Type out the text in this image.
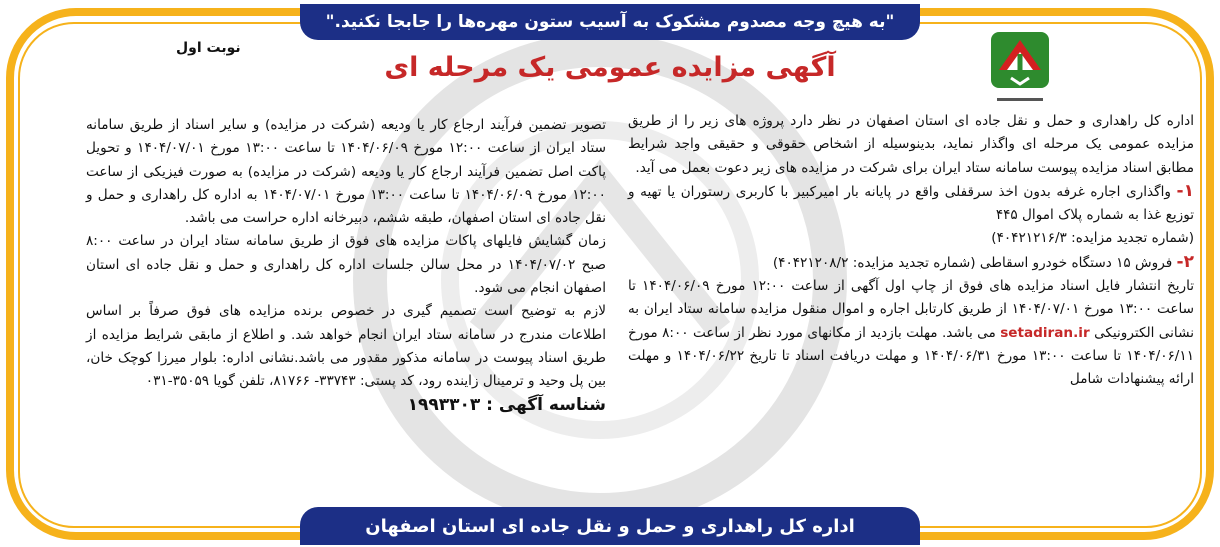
"به هیچ وجه مصدوم مشکوک به آسیب ستون مهره‌ها را جابجا نکنید."
نوبت اول
آگهی مزایده عمومی یک مرحله ای

اداره کل راهداری و حمل و نقل جاده ای استان اصفهان در نظر دارد پروژه های زیر را از طریق مزایده عمومی یک مرحله ای واگذار نماید، بدینوسیله از اشخاص حقوقی و حقیقی واجد شرایط مطابق اسناد مزایده پیوست سامانه ستاد ایران برای شرکت در مزایده های زیر دعوت بعمل می آید.

۱- واگذاری اجاره غرفه بدون اخذ سرقفلی واقع در پایانه بار امیرکبیر با کاربری رستوران یا تهیه و توزیع غذا به شماره پلاک اموال ۴۴۵

(شماره تجدید مزایده: ۴۰۴۲۱۲۱۶/۳)

۲- فروش ۱۵ دستگاه خودرو اسقاطی (شماره تجدید مزایده: ۴۰۴۲۱۲۰۸/۲)

تاریخ انتشار فایل اسناد مزایده های فوق از چاپ اول آگهی از ساعت ۱۲:۰۰ مورخ ۱۴۰۴/۰۶/۰۹ تا ساعت ۱۳:۰۰ مورخ ۱۴۰۴/۰۷/۰۱ از طریق کارتابل اجاره و اموال منقول مزایده سامانه ستاد ایران به نشانی الکترونیکی setadiran.ir می باشد. مهلت بازدید از مکانهای مورد نظر از ساعت ۸:۰۰ مورخ ۱۴۰۴/۰۶/۱۱ تا ساعت ۱۳:۰۰ مورخ ۱۴۰۴/۰۶/۳۱ و مهلت دریافت اسناد تا تاریخ ۱۴۰۴/۰۶/۲۲ و مهلت ارائه پیشنهادات شامل

تصویر تضمین فرآیند ارجاع کار یا ودیعه (شرکت در مزایده) و سایر اسناد از طریق سامانه ستاد ایران از ساعت ۱۲:۰۰ مورخ ۱۴۰۴/۰۶/۰۹ تا ساعت ۱۳:۰۰ مورخ ۱۴۰۴/۰۷/۰۱ و تحویل پاکت اصل تضمین فرآیند ارجاع کار یا ودیعه (شرکت در مزایده) به صورت فیزیکی از ساعت ۱۲:۰۰ مورخ ۱۴۰۴/۰۶/۰۹ تا ساعت ۱۳:۰۰ مورخ ۱۴۰۴/۰۷/۰۱ به اداره کل راهداری و حمل و نقل جاده ای استان اصفهان، طبقه ششم، دبیرخانه اداره حراست می باشد.

زمان گشایش فایلهای پاکات مزایده های فوق از طریق سامانه ستاد ایران در ساعت ۸:۰۰ صبح ۱۴۰۴/۰۷/۰۲ در محل سالن جلسات اداره کل راهداری و حمل و نقل جاده ای استان اصفهان انجام می شود.

لازم به توضیح است تصمیم گیری در خصوص برنده مزایده های فوق صرفاً بر اساس اطلاعات مندرج در سامانه ستاد ایران انجام خواهد شد. و اطلاع از مابقی شرایط مزایده از طریق اسناد پیوست در سامانه مذکور مقدور می باشد.نشانی اداره: بلوار میرزا کوچک خان، بین پل وحید و ترمینال زاینده رود، کد پستی: ۳۳۷۴۳- ۸۱۷۶۶، تلفن گویا ۳۵۰۵۹-۰۳۱

شناسه آگهی : ۱۹۹۳۳۰۳

اداره کل راهداری و حمل و نقل جاده ای استان اصفهان
